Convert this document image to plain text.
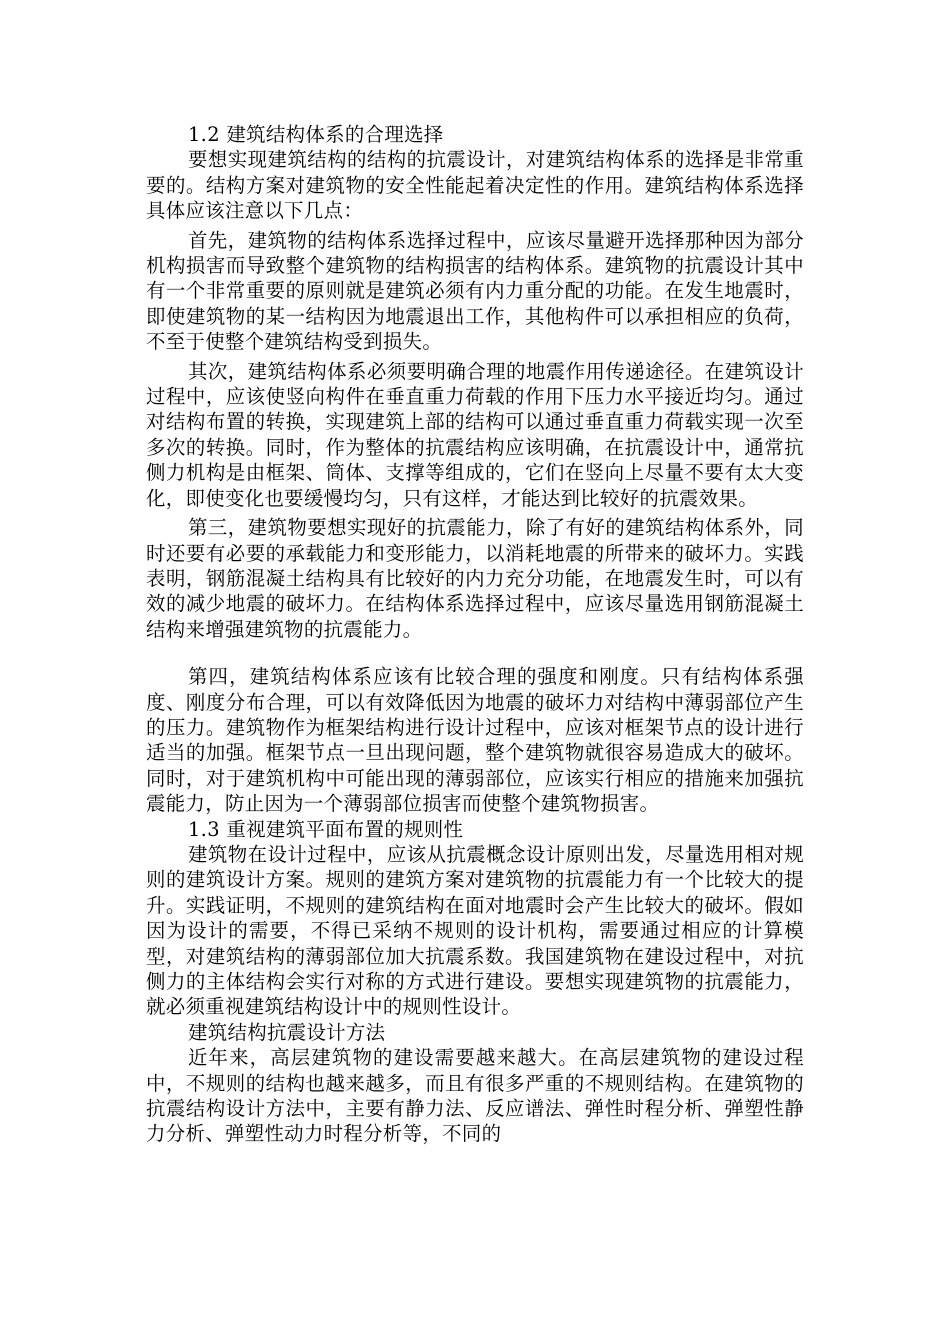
1.2 建筑结构体系的合理选择

要想实现建筑结构的结构的抗震设计，对建筑结构体系的选择是非常重要的。结构方案对建筑物的安全性能起着决定性的作用。建筑结构体系选择具体应该注意以下几点：

首先，建筑物的结构体系选择过程中，应该尽量避开选择那种因为部分机构损害而导致整个建筑物的结构损害的结构体系。建筑物的抗震设计其中有一个非常重要的原则就是建筑必须有内力重分配的功能。在发生地震时，即使建筑物的某一结构因为地震退出工作，其他构件可以承担相应的负荷，不至于使整个建筑结构受到损失。

其次，建筑结构体系必须要明确合理的地震作用传递途径。在建筑设计过程中，应该使竖向构件在垂直重力荷载的作用下压力水平接近均匀。通过对结构布置的转换，实现建筑上部的结构可以通过垂直重力荷载实现一次至多次的转换。同时，作为整体的抗震结构应该明确，在抗震设计中，通常抗侧力机构是由框架、筒体、支撑等组成的，它们在竖向上尽量不要有太大变化，即使变化也要缓慢均匀，只有这样，才能达到比较好的抗震效果。

第三，建筑物要想实现好的抗震能力，除了有好的建筑结构体系外，同时还要有必要的承载能力和变形能力，以消耗地震的所带来的破坏力。实践表明，钢筋混凝土结构具有比较好的内力充分功能，在地震发生时，可以有效的减少地震的破坏力。在结构体系选择过程中，应该尽量选用钢筋混凝土结构来增强建筑物的抗震能力。

第四，建筑结构体系应该有比较合理的强度和刚度。只有结构体系强度、刚度分布合理，可以有效降低因为地震的破坏力对结构中薄弱部位产生的压力。建筑物作为框架结构进行设计过程中，应该对框架节点的设计进行适当的加强。框架节点一旦出现问题，整个建筑物就很容易造成大的破坏。同时，对于建筑机构中可能出现的薄弱部位，应该实行相应的措施来加强抗震能力，防止因为一个薄弱部位损害而使整个建筑物损害。

1.3 重视建筑平面布置的规则性

建筑物在设计过程中，应该从抗震概念设计原则出发，尽量选用相对规则的建筑设计方案。规则的建筑方案对建筑物的抗震能力有一个比较大的提升。实践证明，不规则的建筑结构在面对地震时会产生比较大的破坏。假如因为设计的需要，不得已采纳不规则的设计机构，需要通过相应的计算模型，对建筑结构的薄弱部位加大抗震系数。我国建筑物在建设过程中，对抗侧力的主体结构会实行对称的方式进行建设。要想实现建筑物的抗震能力，就必须重视建筑结构设计中的规则性设计。

建筑结构抗震设计方法

近年来，高层建筑物的建设需要越来越大。在高层建筑物的建设过程中，不规则的结构也越来越多，而且有很多严重的不规则结构。在建筑物的抗震结构设计方法中，主要有静力法、反应谱法、弹性时程分析、弹塑性静力分析、弹塑性动力时程分析等，不同的
